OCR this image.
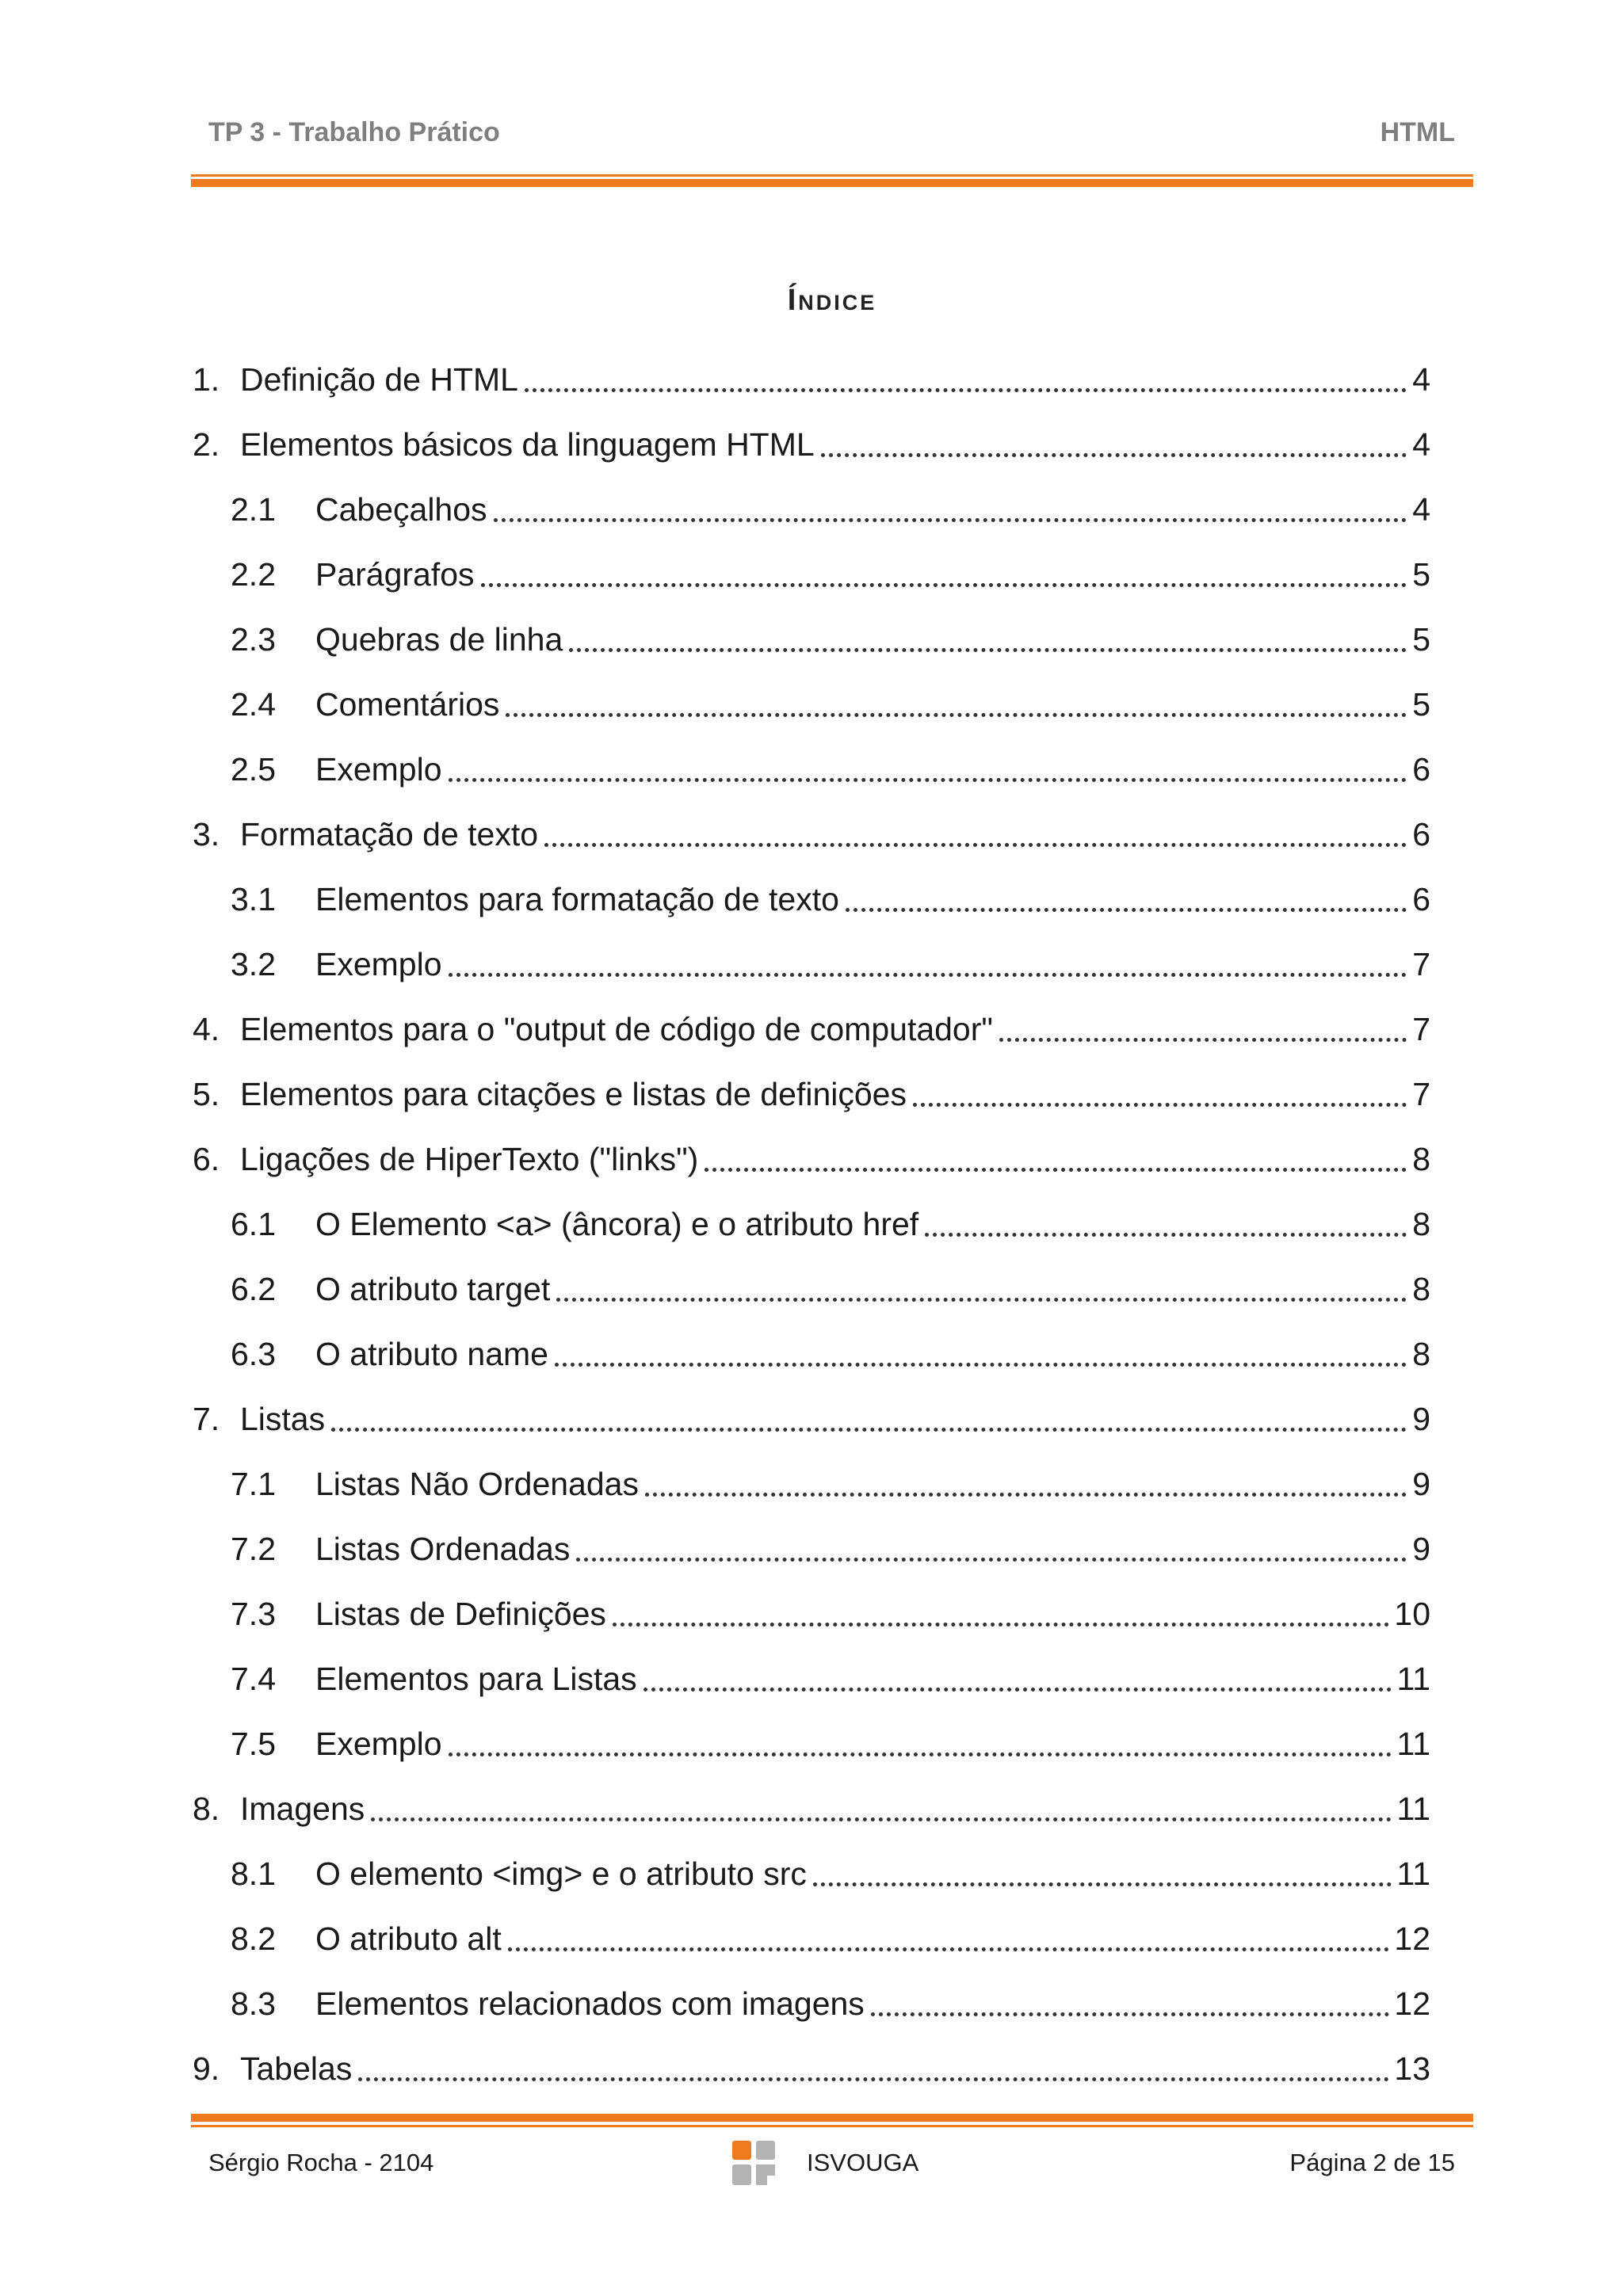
TP 3 - Trabalho Prático	HTML
Índice
1. Definição de HTML	4
2. Elementos básicos da linguagem HTML	4
2.1	Cabeçalhos	4
2.2	Parágrafos	5
2.3	Quebras de linha	5
2.4	Comentários	5
2.5	Exemplo	6
3. Formatação de texto	6
3.1	Elementos para formatação de texto	6
3.2	Exemplo	7
4. Elementos para o "output de código de computador"	7
5. Elementos para citações e listas de definições	7
6. Ligações de HiperTexto ("links")	8
6.1	O Elemento <a> (âncora) e o atributo href	8
6.2	O atributo target	8
6.3	O atributo name	8
7. Listas	9
7.1	Listas Não Ordenadas	9
7.2	Listas Ordenadas	9
7.3	Listas de Definições	10
7.4	Elementos para Listas	11
7.5	Exemplo	11
8. Imagens	11
8.1	O elemento <img> e o atributo src	11
8.2	O atributo alt	12
8.3	Elementos relacionados com imagens	12
9. Tabelas	13
Sérgio Rocha - 2104	ISVOUGA	Página 2 de 15
